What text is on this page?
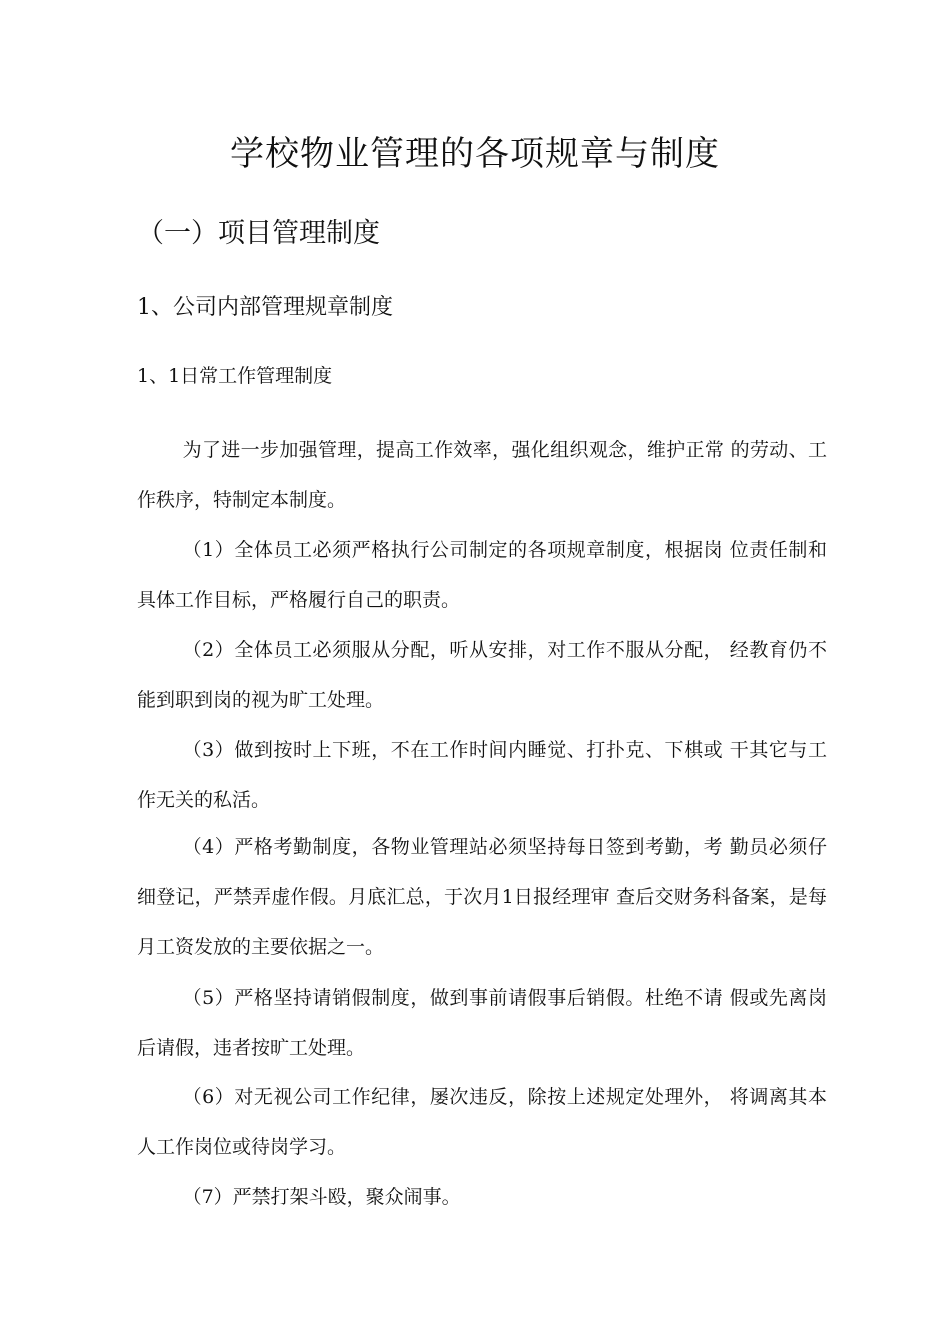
学校物业管理的各项规章与制度
（一）项目管理制度
1、公司内部管理规章制度
1、1日常工作管理制度

为了进一步加强管理，提高工作效率，强化组织观念，维护正常 的劳动、工作秩序，特制定本制度。

（1）全体员工必须严格执行公司制定的各项规章制度，根据岗 位责任制和具体工作目标，严格履行自己的职责。

（2）全体员工必须服从分配，听从安排，对工作不服从分配， 经教育仍不能到职到岗的视为旷工处理。

（3）做到按时上下班，不在工作时间内睡觉、打扑克、下棋或 干其它与工作无关的私活。

（4）严格考勤制度，各物业管理站必须坚持每日签到考勤，考 勤员必须仔细登记，严禁弄虚作假。月底汇总，于次月1日报经理审 查后交财务科备案，是每月工资发放的主要依据之一。

（5）严格坚持请销假制度，做到事前请假事后销假。杜绝不请 假或先离岗后请假，违者按旷工处理。

（6）对无视公司工作纪律，屡次违反，除按上述规定处理外， 将调离其本人工作岗位或待岗学习。

（7）严禁打架斗殴，聚众闹事。
